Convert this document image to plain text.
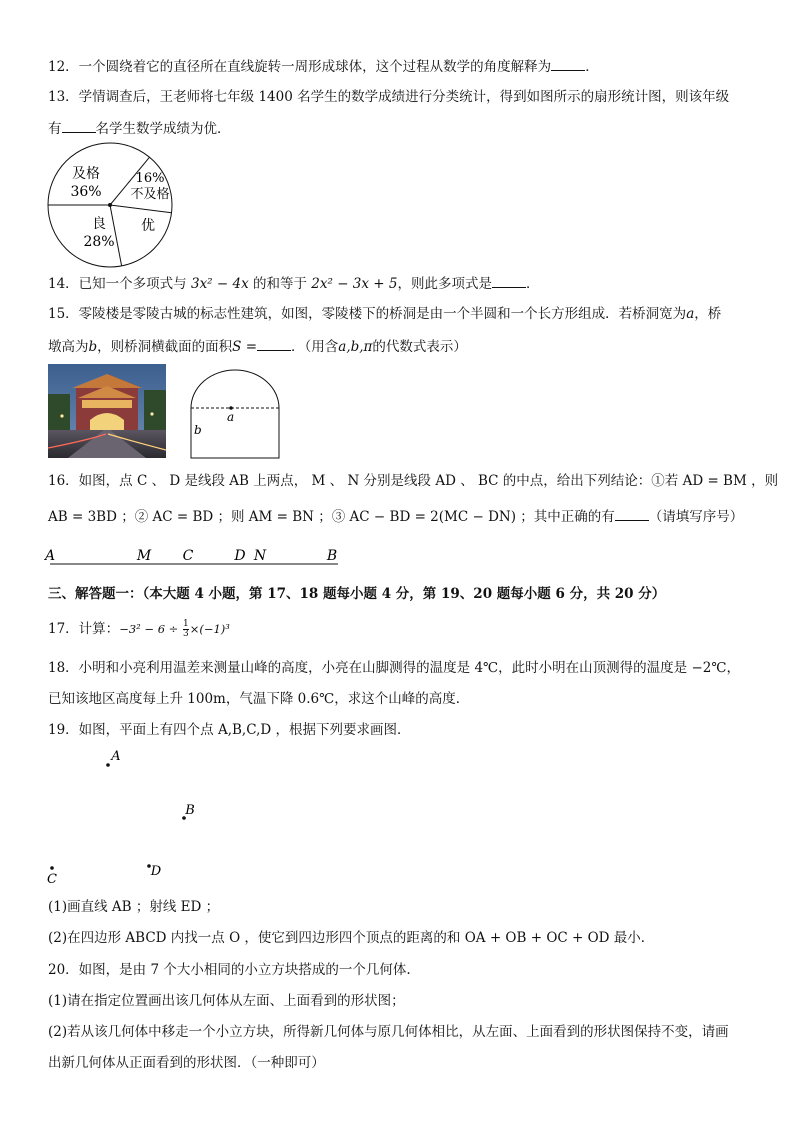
12．一个圆绕着它的直径所在直线旋转一周形成球体，这个过程从数学的角度解释为	．
13．学情调查后，王老师将七年级 1400 名学生的数学成绩进行分类统计，得到如图所示的扇形统计图，则该年级
有	名学生数学成绩为优．
及格
36%
16%
不及格
优
良
28%
14．已知一个多项式与 3x² − 4x 的和等于 2x² − 3x + 5，则此多项式是	．
15．零陵楼是零陵古城的标志性建筑，如图，零陵楼下的桥洞是由一个半圆和一个长方形组成．若桥洞宽为a，桥
墩高为b，则桥洞横截面的面积S =	．（用含a,b,π的代数式表示）
a
b
16．如图，点 C 、 D 是线段 AB 上两点， M 、 N 分别是线段 AD 、 BC 的中点，给出下列结论：①若 AD = BM ，则
AB = 3BD ；② AC = BD ；则 AM = BN ；③ AC − BD = 2(MC − DN) ；其中正确的有	（请填写序号）
A	M C	D N	B
三、解答题一：（本大题 4 小题，第 17、18 题每小题 4 分，第 19、20 题每小题 6 分，共 20 分）
17．计算：$-3^2 - 6 \div \frac{1}{3} \times(-1)^3$
18．小明和小亮利用温差来测量山峰的高度，小亮在山脚测得的温度是 4℃，此时小明在山顶测得的温度是 −2℃，
已知该地区高度每上升 100m，气温下降 0.6℃，求这个山峰的高度．
19．如图，平面上有四个点 A,B,C,D ，根据下列要求画图．
A
B
C
D
(1)画直线 AB ；射线 ED ；
(2)在四边形 ABCD 内找一点 O ，使它到四边形四个顶点的距离的和 OA + OB + OC + OD 最小．
20．如图，是由 7 个大小相同的小立方块搭成的一个几何体.
(1)请在指定位置画出该几何体从左面、上面看到的形状图；
(2)若从该几何体中移走一个小立方块，所得新几何体与原几何体相比，从左面、上面看到的形状图保持不变，请画
出新几何体从正面看到的形状图．（一种即可）
